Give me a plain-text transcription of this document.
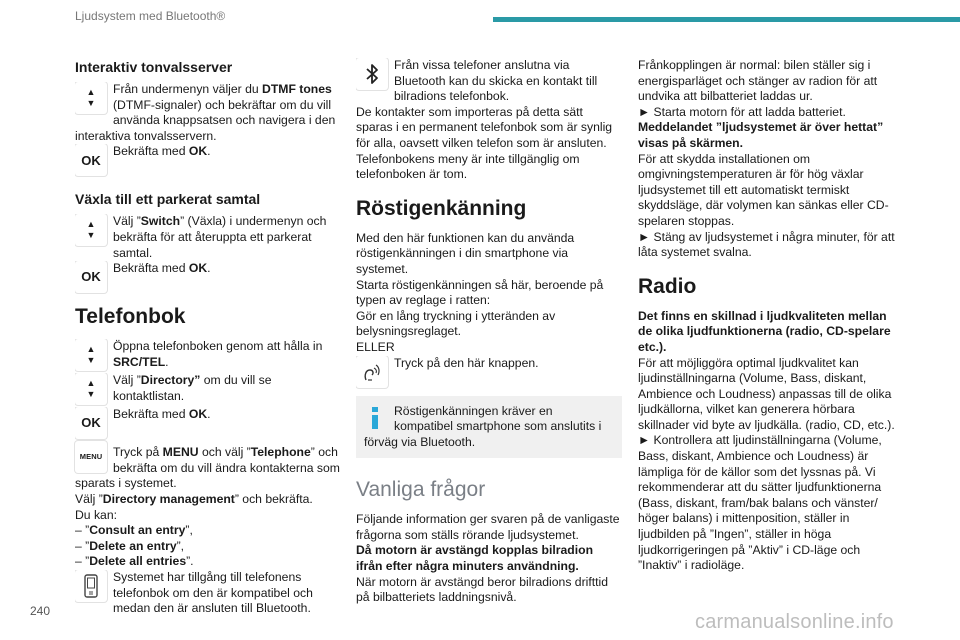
Ljudsystem med Bluetooth®
Interaktiv tonvalsserver
▲
▼

Från undermenyn väljer du DTMF tones (DTMF-signaler) och bekräftar om du vill använda knappsatsen och navigera i den interaktiva tonvalsservern.

OK

Bekräfta med OK.

Växla till ett parkerat samtal
▲
▼

Välj ”Switch” (Växla) i undermenyn och bekräfta för att återuppta ett parkerat samtal.

OK

Bekräfta med OK.

Telefonbok
▲
▼

Öppna telefonboken genom att hålla in SRC/TEL.

▲
▼

Välj ”Directory” om du vill se kontaktlistan.

OK

Bekräfta med OK.

MENU Tryck på MENU och välj ”Telephone” och bekräfta om du vill ändra kontakterna som sparats i systemet.

Välj ”Directory management” och bekräfta.

Du kan:

– ”Consult an entry”,

– ”Delete an entry”,

– ”Delete all entries”.

Systemet har tillgång till telefonens telefonbok om den är kompatibel och medan den är ansluten till Bluetooth.

Från vissa telefoner anslutna via Bluetooth kan du skicka en kontakt till bilradions telefonbok.

De kontakter som importeras på detta sätt sparas i en permanent telefonbok som är synlig för alla, oavsett vilken telefon som är ansluten.

Telefonbokens meny är inte tillgänglig om telefonboken är tom.

Röstigenkänning

Med den här funktionen kan du använda röstigenkänningen i din smartphone via systemet.

Starta röstigenkänningen så här, beroende på typen av reglage i ratten:

Gör en lång tryckning i ytteränden av belysningsreglaget.

ELLER

Tryck på den här knappen.

Röstigenkänningen kräver en kompatibel smartphone som anslutits i förväg via Bluetooth.

Vanliga frågor

Följande information ger svaren på de vanligaste frågorna som ställs rörande ljudsystemet.

Då motorn är avstängd kopplas bilradion ifrån efter några minuters användning.

När motorn är avstängd beror bilradions drifttid på bilbatteriets laddningsnivå.

Frånkopplingen är normal: bilen ställer sig i energisparläget och stänger av radion för att undvika att bilbatteriet laddas ur.

► Starta motorn för att ladda batteriet.

Meddelandet ”ljudsystemet är över hettat” visas på skärmen.

För att skydda installationen om omgivningstemperaturen är för hög växlar ljudsystemet till ett automatiskt termiskt skyddsläge, där volymen kan sänkas eller CD-spelaren stoppas.

► Stäng av ljudsystemet i några minuter, för att låta systemet svalna.

Radio

Det finns en skillnad i ljudkvaliteten mellan de olika ljudfunktionerna (radio, CD-spelare etc.).

För att möjliggöra optimal ljudkvalitet kan ljudinställningarna (Volume, Bass, diskant, Ambience och Loudness) anpassas till de olika ljudkällorna, vilket kan generera hörbara skillnader vid byte av ljudkälla. (radio, CD, etc.).

► Kontrollera att ljudinställningarna (Volume, Bass, diskant, Ambience och Loudness) är lämpliga för de källor som det lyssnas på. Vi rekommenderar att du sätter ljudfunktionerna (Bass, diskant, fram/bak balans och vänster/ höger balans) i mittenposition, ställer in ljudbilden på ”Ingen”, ställer in höga ljudkorrigeringen på ”Aktiv” i CD-läge och ”Inaktiv” i radioläge.

240	carmanualsonline.info
